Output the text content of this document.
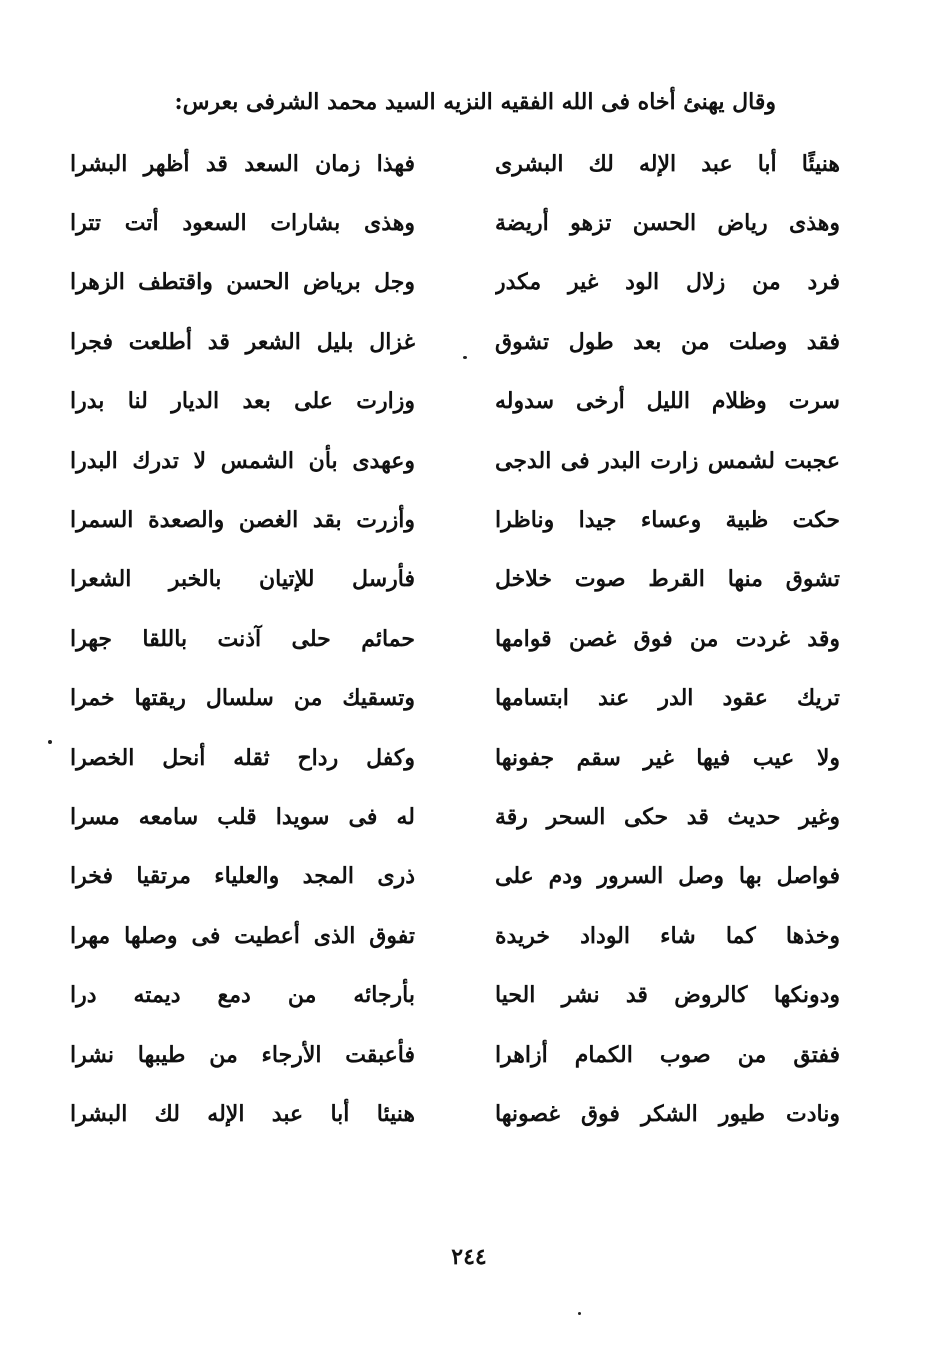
وقال يهنئ أخاه فى الله الفقيه النزيه السيد محمد الشرفى بعرس:
هنيئًا أبا عبد الإله لك البشرى
فهذا زمان السعد قد أظهر البشرا
وهذى رياض الحسن تزهو أريضة
وهذى بشارات السعود أتت تترا
فرد من زلال الود غير مكدر
وجل برياض الحسن واقتطف الزهرا
فقد وصلت من بعد طول تشوق
غزال بليل الشعر قد أطلعت فجرا
سرت وظلام الليل أرخى سدوله
وزارت على بعد الديار لنا بدرا
عجبت لشمس زارت البدر فى الدجى
وعهدى بأن الشمس لا تدرك البدرا
حكت ظبية وعساء جيدا وناظرا
وأزرت بقد الغصن والصعدة السمرا
تشوق منها القرط صوت خلاخل
فأرسل للإتيان بالخبر الشعرا
وقد غردت من فوق غصن قوامها
حمائم حلى آذنت باللقا جهرا
تريك عقود الدر عند ابتسامها
وتسقيك من سلسال ريقتها خمرا
ولا عيب فيها غير سقم جفونها
وكفل رداح ثقله أنحل الخصرا
وغير حديث قد حكى السحر رقة
له فى سويدا قلب سامعه مسرا
فواصل بها وصل السرور ودم على
ذرى المجد والعلياء مرتقيا فخرا
وخذها كما شاء الوداد خريدة
تفوق الذى أعطيت فى وصلها مهرا
ودونكها كالروض قد نشر الحيا
بأرجائه من دمع ديمته درا
ففتق من صوب الكمام أزاهرا
فأعبقت الأرجاء من طيبها نشرا
ونادت طيور الشكر فوق غصونها
هنيئا أبا عبد الإله لك البشرا
٢٤٤
